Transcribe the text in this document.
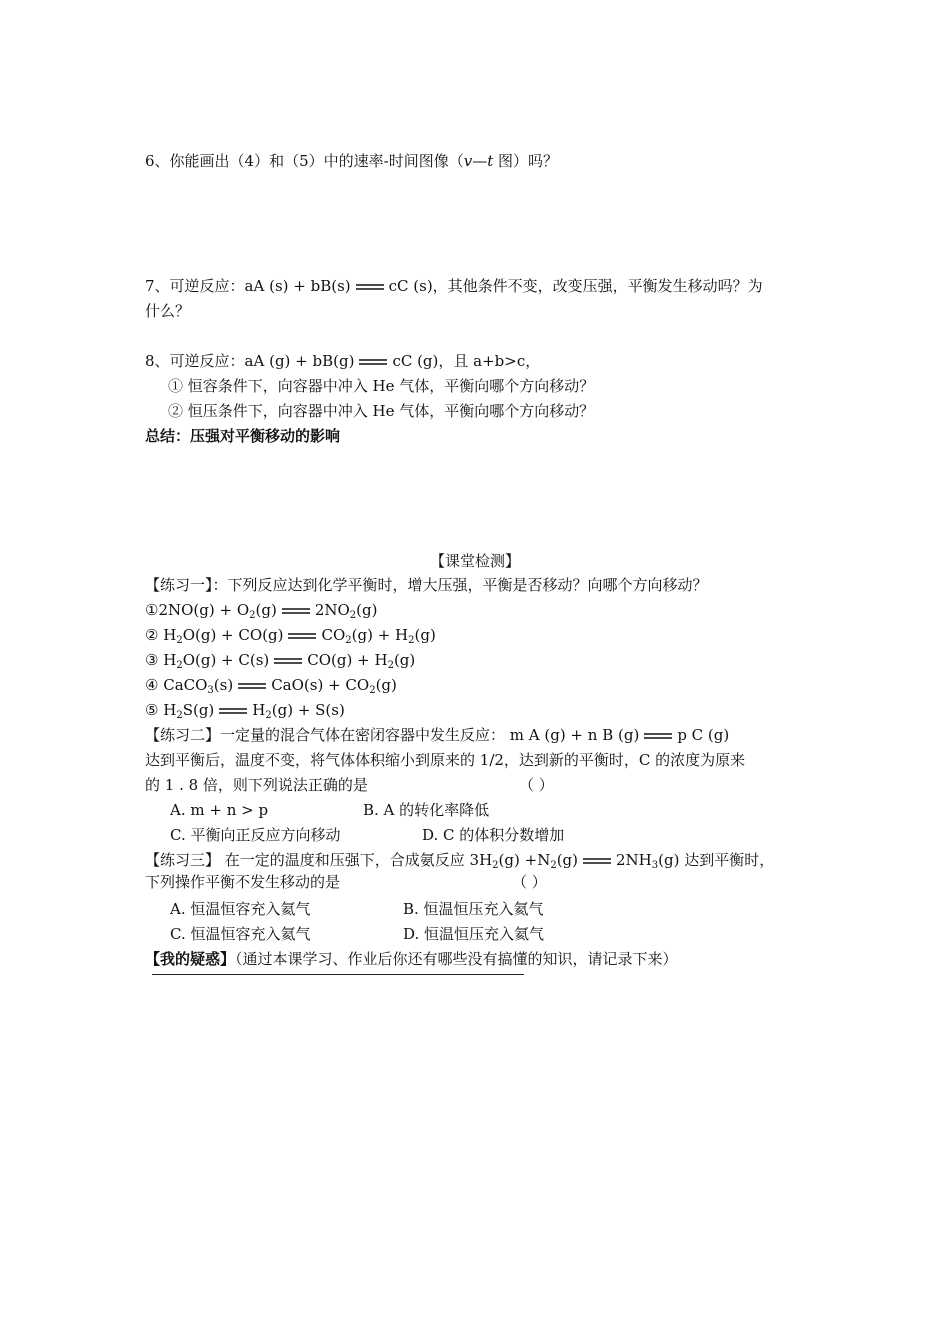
6、你能画出（4）和（5）中的速率-时间图像（v—t 图）吗？
7、可逆反应：aA (s) + bB(s)	cC (s)，其他条件不变，改变压强，平衡发生移动吗？为
什么？
8、可逆反应：aA (g) + bB(g)	cC (g)，且 a+b>c，
① 恒容条件下，向容器中冲入 He 气体，平衡向哪个方向移动？
② 恒压条件下，向容器中冲入 He 气体，平衡向哪个方向移动？
总结：压强对平衡移动的影响
【课堂检测】
【练习一】：下列反应达到化学平衡时，增大压强，平衡是否移动？向哪个方向移动？
①2NO(g) + $O_2(g)$	$2NO_2(g)$
② $H_2O(g) + CO(g)$	$CO_2(g) + H_2(g)$
③ $H_2O(g) + C(s)$	$CO(g) + H_2(g)$
④ CaCO$_3$(s)	$CaO(s) + CO_2(g)$
⑤ $H_2S(g)$	$H_2(g) + S(s)$
【练习二】一定量的混合气体在密闭容器中发生反应： m A (g) + n B (g)	p C (g)
达到平衡后，温度不变，将气体体积缩小到原来的 1/2，达到新的平衡时，C 的浓度为原来
的 1 . 8 倍，则下列说法正确的是	（ ）
A. m + n > p	B. A 的转化率降低
C. 平衡向正反应方向移动	D. C 的体积分数增加
【练习三】 在一定的温度和压强下，合成氨反应 $3H_2(g) +N_2(g)$	$2NH_3(g)$ 达到平衡时，
下列操作平衡不发生移动的是	（ ）
A. 恒温恒容充入氦气	B. 恒温恒压充入氦气
C. 恒温恒容充入氦气	D. 恒温恒压充入氦气
【我的疑惑】（通过本课学习、作业后你还有哪些没有搞懂的知识，请记录下来）
